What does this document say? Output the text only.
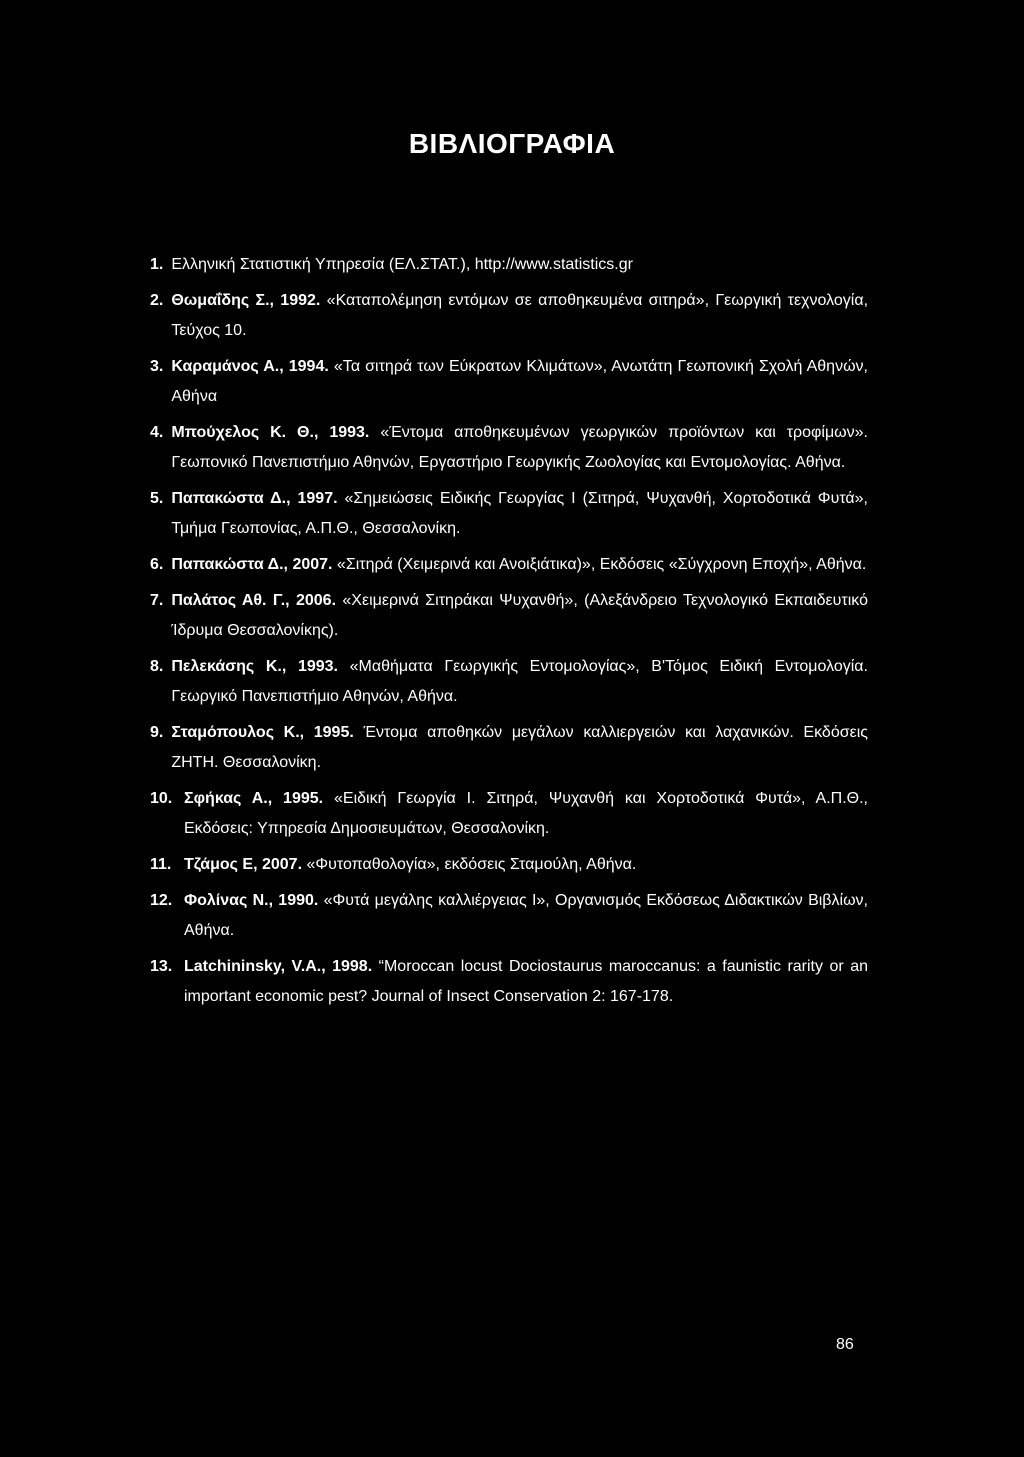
ΒΙΒΛΙΟΓΡΑΦΙΑ
1. Ελληνική Στατιστική Υπηρεσία (ΕΛ.ΣΤΑΤ.), http://www.statistics.gr
2. Θωμαΐδης Σ., 1992. «Καταπολέμηση εντόμων σε αποθηκευμένα σιτηρά», Γεωργική τεχνολογία, Τεύχος 10.
3. Καραμάνος Α., 1994. «Τα σιτηρά των Εύκρατων Κλιμάτων», Ανωτάτη Γεωπονική Σχολή Αθηνών, Αθήνα
4. Μπούχελος Κ. Θ., 1993. «Έντομα αποθηκευμένων γεωργικών προϊόντων και τροφίμων». Γεωπονικό Πανεπιστήμιο Αθηνών, Εργαστήριο Γεωργικής Ζωολογίας και Εντομολογίας. Αθήνα.
5. Παπακώστα Δ., 1997. «Σημειώσεις Ειδικής Γεωργίας I (Σιτηρά, Ψυχανθή, Χορτοδοτικά Φυτά», Τμήμα Γεωπονίας, Α.Π.Θ., Θεσσαλονίκη.
6. Παπακώστα Δ., 2007. «Σιτηρά (Χειμερινά και Ανοιξιάτικα)», Εκδόσεις «Σύγχρονη Εποχή», Αθήνα.
7. Παλάτος Αθ. Γ., 2006. «Χειμερινά Σιτηράκαι Ψυχανθή», (Αλεξάνδρειο Τεχνολογικό Εκπαιδευτικό Ίδρυμα Θεσσαλονίκης).
8. Πελεκάσης Κ., 1993. «Μαθήματα Γεωργικής Εντομολογίας», Β'Τόμος Ειδική Εντομολογία. Γεωργικό Πανεπιστήμιο Αθηνών, Αθήνα.
9. Σταμόπουλος Κ., 1995. Έντομα αποθηκών μεγάλων καλλιεργειών και λαχανικών. Εκδόσεις ΖΗΤΗ. Θεσσαλονίκη.
10. Σφήκας Α., 1995. «Ειδική Γεωργία I. Σιτηρά, Ψυχανθή και Χορτοδοτικά Φυτά», Α.Π.Θ., Εκδόσεις: Υπηρεσία Δημοσιευμάτων, Θεσσαλονίκη.
11. Τζάμος Ε, 2007. «Φυτοπαθολογία», εκδόσεις Σταμούλη, Αθήνα.
12. Φολίνας Ν., 1990. «Φυτά μεγάλης καλλιέργειας I», Οργανισμός Εκδόσεως Διδακτικών Βιβλίων, Αθήνα.
13. Latchininsky, V.A., 1998. “Moroccan locust Dociostaurus maroccanus: a faunistic rarity or an important economic pest? Journal of Insect Conservation 2: 167-178.
86
